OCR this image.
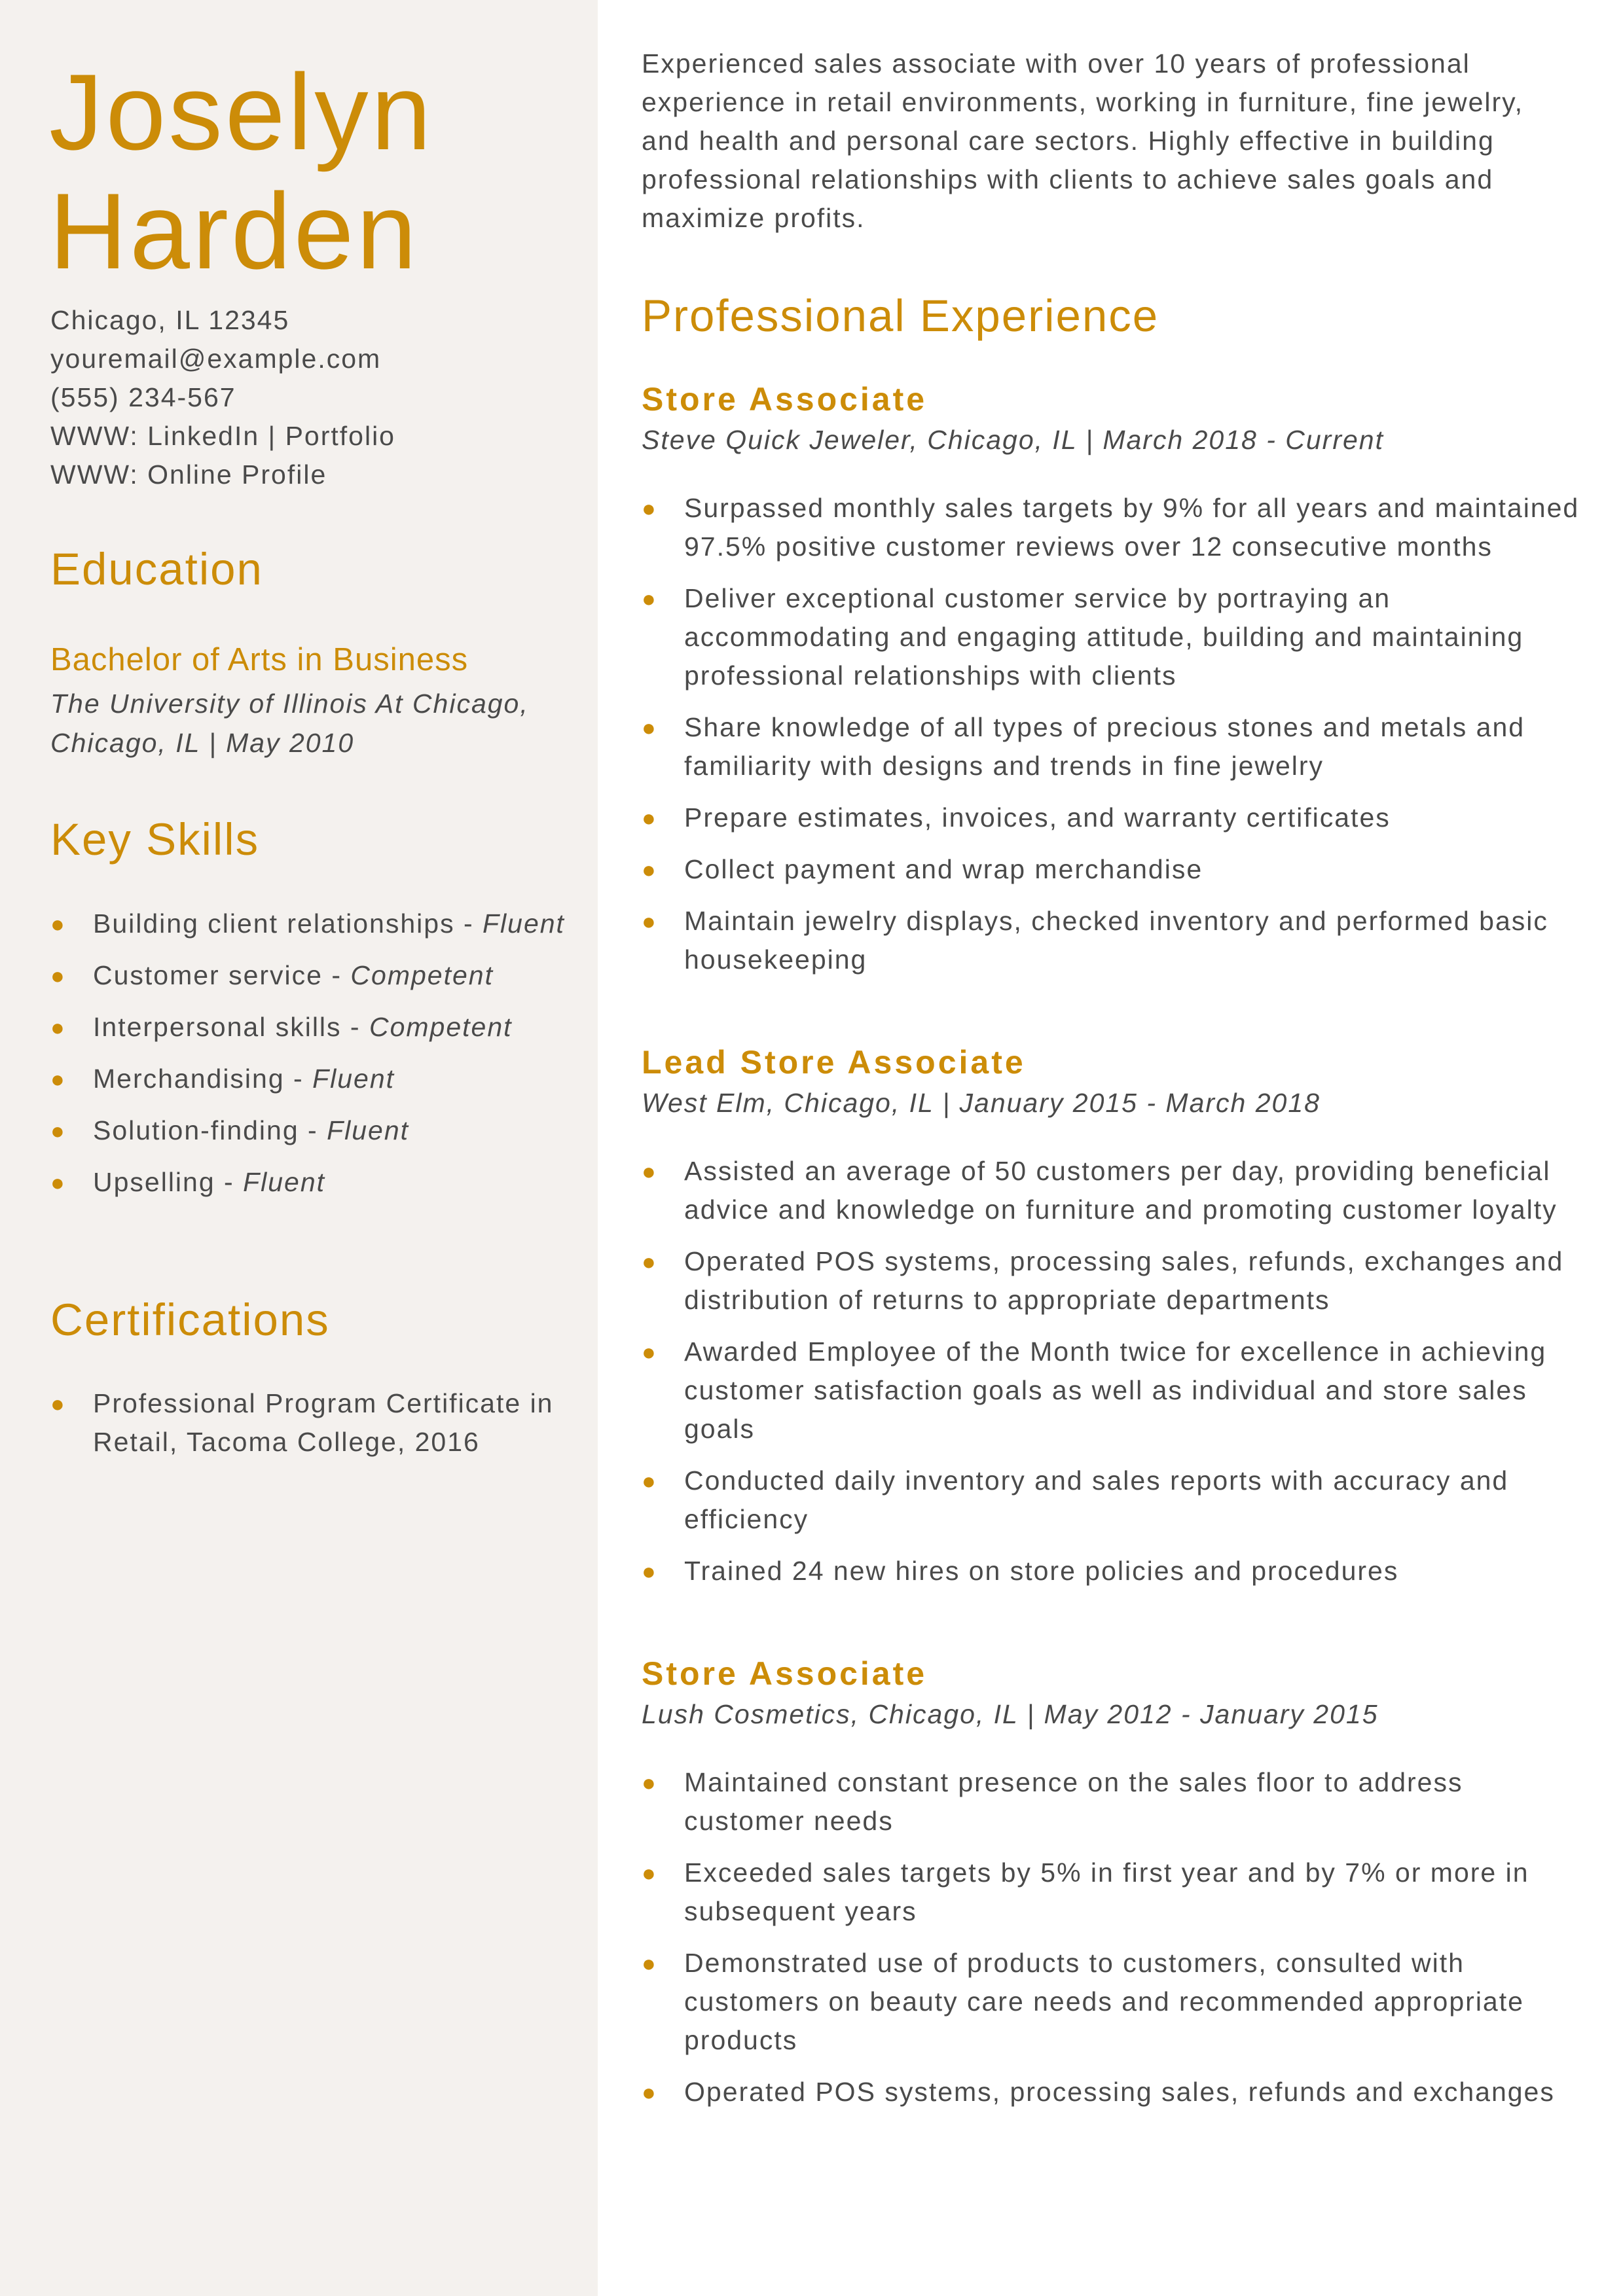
Joselyn
Harden
Chicago, IL 12345
youremail@example.com
(555) 234-567
WWW: LinkedIn | Portfolio
WWW: Online Profile
Education
Bachelor of Arts in Business
The University of Illinois At Chicago, Chicago, IL | May 2010
Key Skills
● Building client relationships - Fluent
● Customer service - Competent
● Interpersonal skills - Competent
● Merchandising - Fluent
● Solution-finding - Fluent
● Upselling - Fluent
Certifications
● Professional Program Certificate in Retail, Tacoma College, 2016

Experienced sales associate with over 10 years of professional experience in retail environments, working in furniture, fine jewelry, and health and personal care sectors. Highly effective in building professional relationships with clients to achieve sales goals and maximize profits.

Professional Experience
Store Associate
Steve Quick Jeweler, Chicago, IL | March 2018 - Current
● Surpassed monthly sales targets by 9% for all years and maintained 97.5% positive customer reviews over 12 consecutive months
● Deliver exceptional customer service by portraying an accommodating and engaging attitude, building and maintaining professional relationships with clients
● Share knowledge of all types of precious stones and metals and familiarity with designs and trends in fine jewelry
● Prepare estimates, invoices, and warranty certificates
● Collect payment and wrap merchandise
● Maintain jewelry displays, checked inventory and performed basic housekeeping
Lead Store Associate
West Elm, Chicago, IL | January 2015 - March 2018
● Assisted an average of 50 customers per day, providing beneficial advice and knowledge on furniture and promoting customer loyalty
● Operated POS systems, processing sales, refunds, exchanges and distribution of returns to appropriate departments
● Awarded Employee of the Month twice for excellence in achieving customer satisfaction goals as well as individual and store sales goals
● Conducted daily inventory and sales reports with accuracy and efficiency
● Trained 24 new hires on store policies and procedures
Store Associate
Lush Cosmetics, Chicago, IL | May 2012 - January 2015
● Maintained constant presence on the sales floor to address customer needs
● Exceeded sales targets by 5% in first year and by 7% or more in subsequent years
● Demonstrated use of products to customers, consulted with customers on beauty care needs and recommended appropriate products
● Operated POS systems, processing sales, refunds and exchanges
